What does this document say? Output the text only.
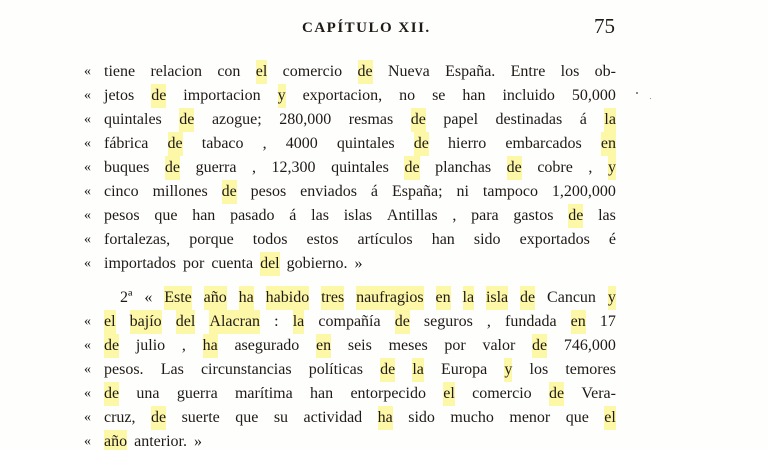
CAPÍTULO XII.	75
« tiene relacion con el comercio de Nueva España. Entre los ob-
« jetos de importacion y exportacion, no se han incluido 50,000
« quintales de azogue; 280,000 resmas de papel destinadas á la
« fábrica de tabaco , 4000 quintales de hierro embarcados en
« buques de guerra , 12,300 quintales de planchas de cobre , y
« cinco millones de pesos enviados á España; ni tampoco 1,200,000
« pesos que han pasado á las islas Antillas , para gastos de las
« fortalezas, porque todos estos artículos han sido exportados é
« importados por cuenta del gobierno. »
2ª « Este año ha habido tres naufragios en la isla de Cancun y
« el bajío del Alacran : la compañía de seguros , fundada en 17
« de julio , ha asegurado en seis meses por valor de 746,000
« pesos. Las circunstancias políticas de la Europa y los temores
« de una guerra marítima han entorpecido el comercio de Vera-
« cruz, de suerte que su actividad ha sido mucho menor que el
« año anterior. »
